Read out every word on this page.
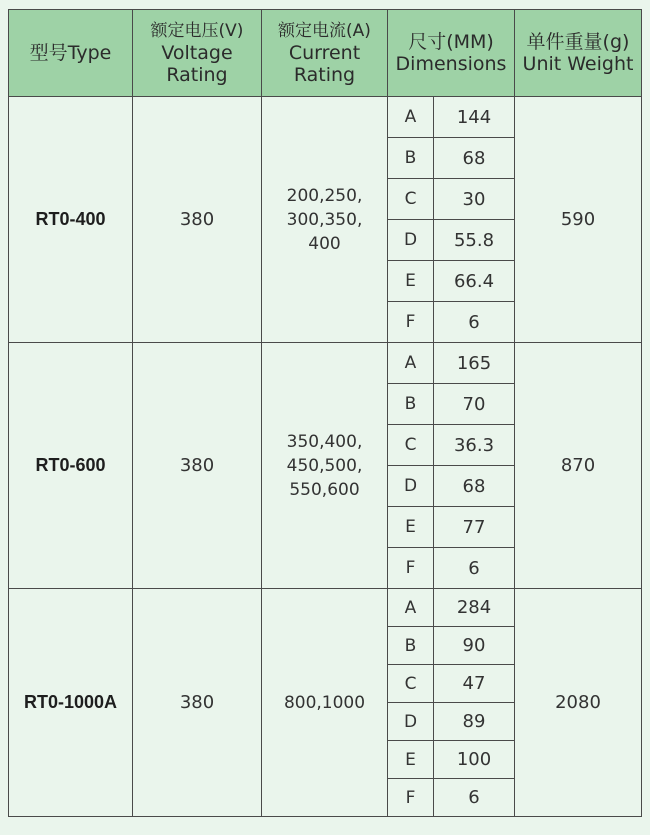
型号Type	额定电压(V)
Voltage
Rating	额定电流(A)
Current
Rating	尺寸(MM)
Dimensions		单件重量(g)
Unit Weight

RT0-400	380	200,250,
300,350,
400	A	144	590
			B	68	
			C	30	
			D	55.8	
			E	66.4	
			F	6	
RT0-600	380	350,400,
450,500,
550,600	A	165	870
			B	70	
			C	36.3	
			D	68	
			E	77	
			F	6	
RT0-1000A	380	800,1000	A	284	2080
			B	90	
			C	47	
			D	89	
			E	100	
			F	6	
